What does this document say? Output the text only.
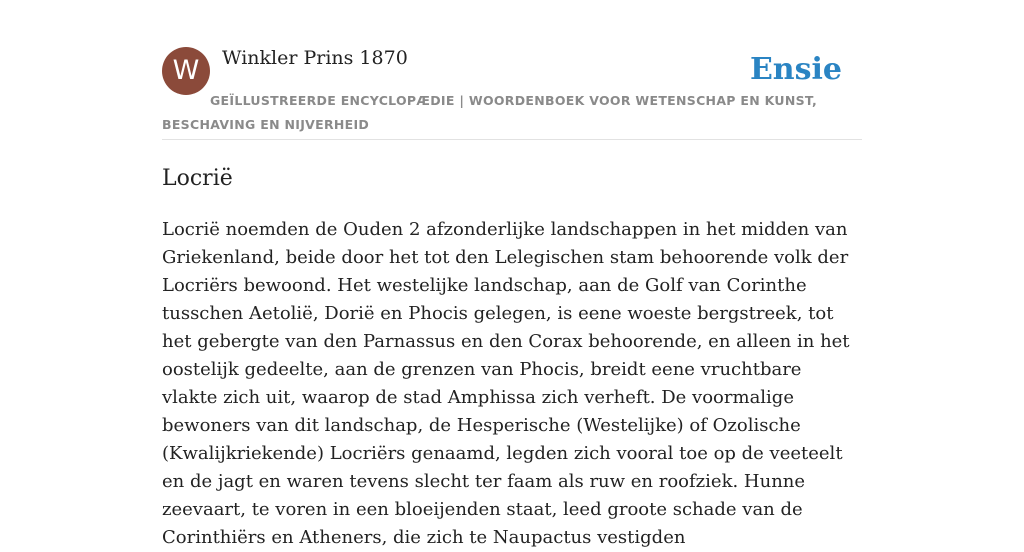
W	Winkler Prins 1870	Ensie
GEÏLLUSTREERDE ENCYCLOPÆDIE | WOORDENBOEK VOOR WETENSCHAP EN KUNST, BESCHAVING EN NIJVERHEID
Locrië

Locrië noemden de Ouden 2 afzonderlijke landschappen in het midden van Griekenland, beide door het tot den Lelegischen stam behoorende volk der Locriërs bewoond. Het westelijke landschap, aan de Golf van Corinthe tusschen Aetolië, Dorië en Phocis gelegen, is eene woeste bergstreek, tot het gebergte van den Parnassus en den Corax behoorende, en alleen in het oostelijk gedeelte, aan de grenzen van Phocis, breidt eene vruchtbare vlakte zich uit, waarop de stad Amphissa zich verheft. De voormalige bewoners van dit landschap, de Hesperische (Westelijke) of Ozolische (Kwalijkriekende) Locriërs genaamd, legden zich vooral toe op de veeteelt en de jagt en waren tevens slecht ter faam als ruw en roofziek. Hunne zeevaart, te voren in een bloeijenden staat, leed groote schade van de Corinthiërs en Atheners, die zich te Naupactus vestigden
